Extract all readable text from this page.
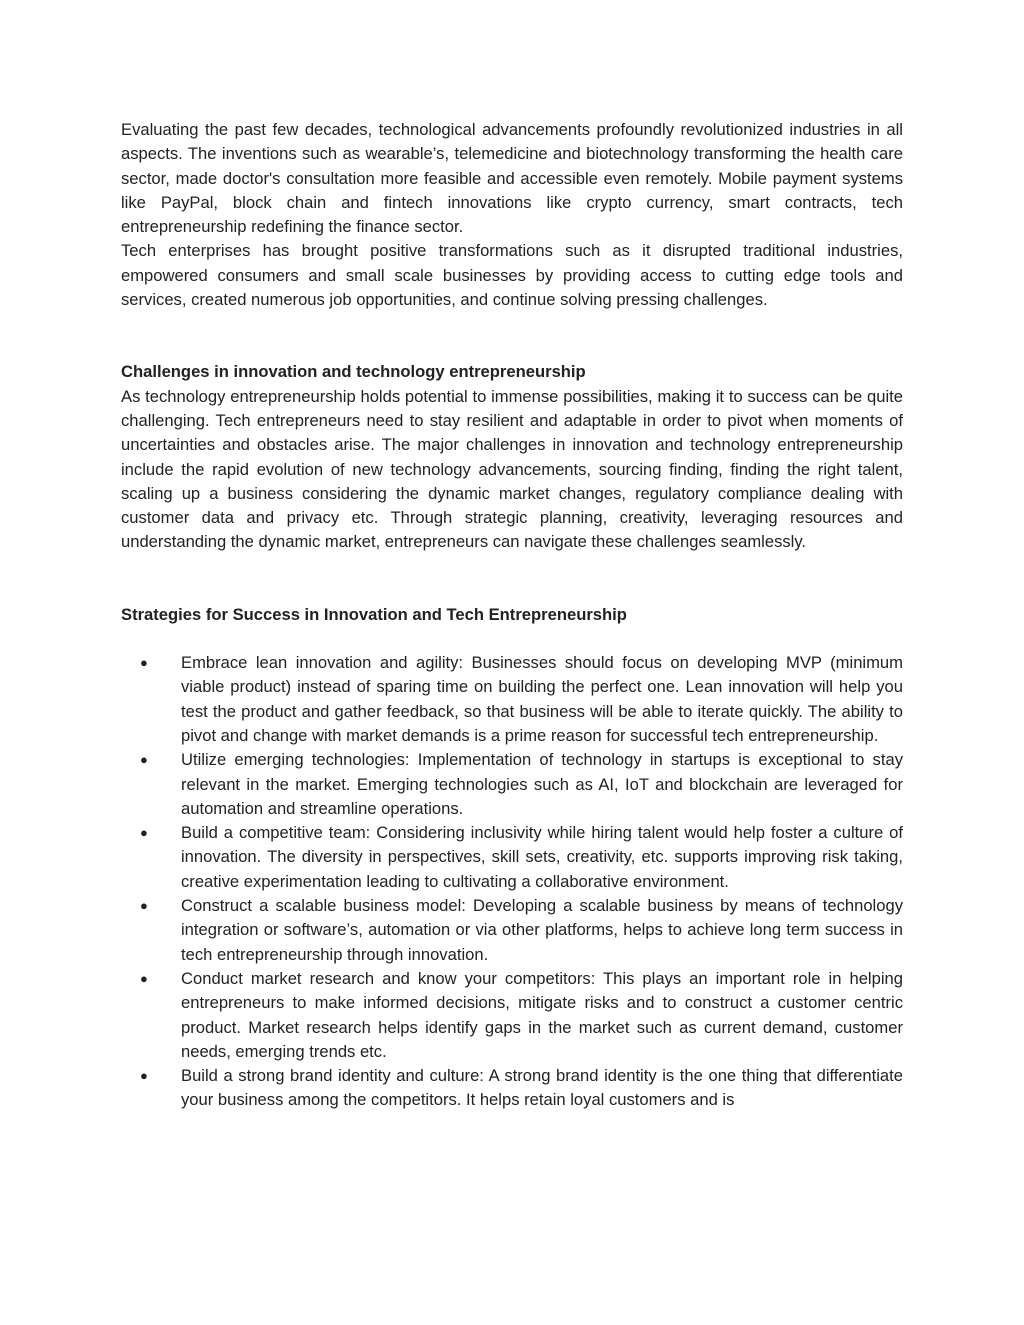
Evaluating the past few decades, technological advancements profoundly revolutionized industries in all aspects. The inventions such as wearable’s, telemedicine and biotechnology transforming the health care sector, made doctor's consultation more feasible and accessible even remotely. Mobile payment systems like PayPal, block chain and fintech innovations like crypto currency, smart contracts, tech entrepreneurship redefining the finance sector.

Tech enterprises has brought positive transformations such as it disrupted traditional industries, empowered consumers and small scale businesses by providing access to cutting edge tools and services, created numerous job opportunities, and continue solving pressing challenges.

Challenges in innovation and technology entrepreneurship

As technology entrepreneurship holds potential to immense possibilities, making it to success can be quite challenging. Tech entrepreneurs need to stay resilient and adaptable in order to pivot when moments of uncertainties and obstacles arise. The major challenges in innovation and technology entrepreneurship include the rapid evolution of new technology advancements, sourcing finding, finding the right talent, scaling up a business considering the dynamic market changes, regulatory compliance dealing with customer data and privacy etc. Through strategic planning, creativity, leveraging resources and understanding the dynamic market, entrepreneurs can navigate these challenges seamlessly.

Strategies for Success in Innovation and Tech Entrepreneurship

● Embrace lean innovation and agility: Businesses should focus on developing MVP (minimum viable product) instead of sparing time on building the perfect one. Lean innovation will help you test the product and gather feedback, so that business will be able to iterate quickly. The ability to pivot and change with market demands is a prime reason for successful tech entrepreneurship.
● Utilize emerging technologies: Implementation of technology in startups is exceptional to stay relevant in the market. Emerging technologies such as AI, IoT and blockchain are leveraged for automation and streamline operations.
● Build a competitive team: Considering inclusivity while hiring talent would help foster a culture of innovation. The diversity in perspectives, skill sets, creativity, etc. supports improving risk taking, creative experimentation leading to cultivating a collaborative environment.
● Construct a scalable business model: Developing a scalable business by means of technology integration or software’s, automation or via other platforms, helps to achieve long term success in tech entrepreneurship through innovation.
● Conduct market research and know your competitors: This plays an important role in helping entrepreneurs to make informed decisions, mitigate risks and to construct a customer centric product. Market research helps identify gaps in the market such as current demand, customer needs, emerging trends etc.
● Build a strong brand identity and culture: A strong brand identity is the one thing that differentiate your business among the competitors. It helps retain loyal customers and is
